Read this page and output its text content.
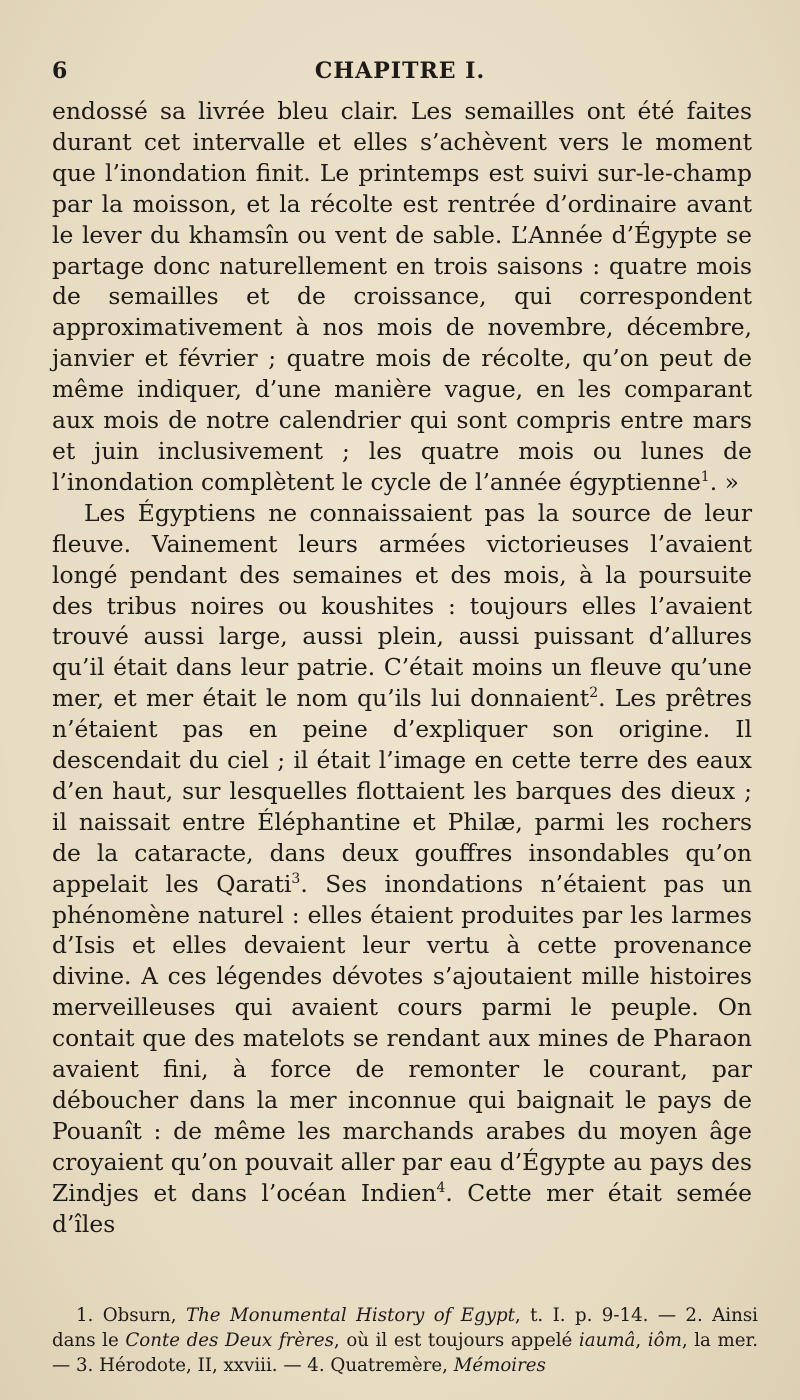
6	CHAPITRE I.

endossé sa livrée bleu clair. Les semailles ont été faites durant cet intervalle et elles s’achèvent vers le moment que l’inondation finit. Le printemps est suivi sur-le-champ par la moisson, et la récolte est rentrée d’ordinaire avant le lever du khamsîn ou vent de sable. L’Année d’Égypte se partage donc naturellement en trois saisons : quatre mois de semailles et de croissance, qui correspondent approximativement à nos mois de novembre, décembre, janvier et février ; quatre mois de récolte, qu’on peut de même indiquer, d’une manière vague, en les comparant aux mois de notre calendrier qui sont compris entre mars et juin inclusivement ; les quatre mois ou lunes de l’inondation complètent le cycle de l’année égyptienne$^1$. »

Les Égyptiens ne connaissaient pas la source de leur fleuve. Vainement leurs armées victorieuses l’avaient longé pendant des semaines et des mois, à la poursuite des tribus noires ou koushites : toujours elles l’avaient trouvé aussi large, aussi plein, aussi puissant d’allures qu’il était dans leur patrie. C’était moins un fleuve qu’une mer, et mer était le nom qu’ils lui donnaient$^2$. Les prêtres n’étaient pas en peine d’expliquer son origine. Il descendait du ciel ; il était l’image en cette terre des eaux d’en haut, sur lesquelles flottaient les barques des dieux ; il naissait entre Éléphantine et Philæ, parmi les rochers de la cataracte, dans deux gouffres insondables qu’on appelait les Qarati$^3$. Ses inondations n’étaient pas un phénomène naturel : elles étaient produites par les larmes d’Isis et elles devaient leur vertu à cette provenance divine. A ces légendes dévotes s’ajoutaient mille histoires merveilleuses qui avaient cours parmi le peuple. On contait que des matelots se rendant aux mines de Pharaon avaient fini, à force de remonter le courant, par déboucher dans la mer inconnue qui baignait le pays de Pouanît : de même les marchands arabes du moyen âge croyaient qu’on pouvait aller par eau d’Égypte au pays des Zindjes et dans l’océan Indien$^4$. Cette mer était semée d’îles

1. Obsurn, The Monumental History of Egypt, t. I. p. 9-14. — 2. Ainsi dans le Conte des Deux frères, où il est toujours appelé iaumâ, iôm, la mer. — 3. Hérodote, II, xxviii. — 4. Quatremère, Mémoires
